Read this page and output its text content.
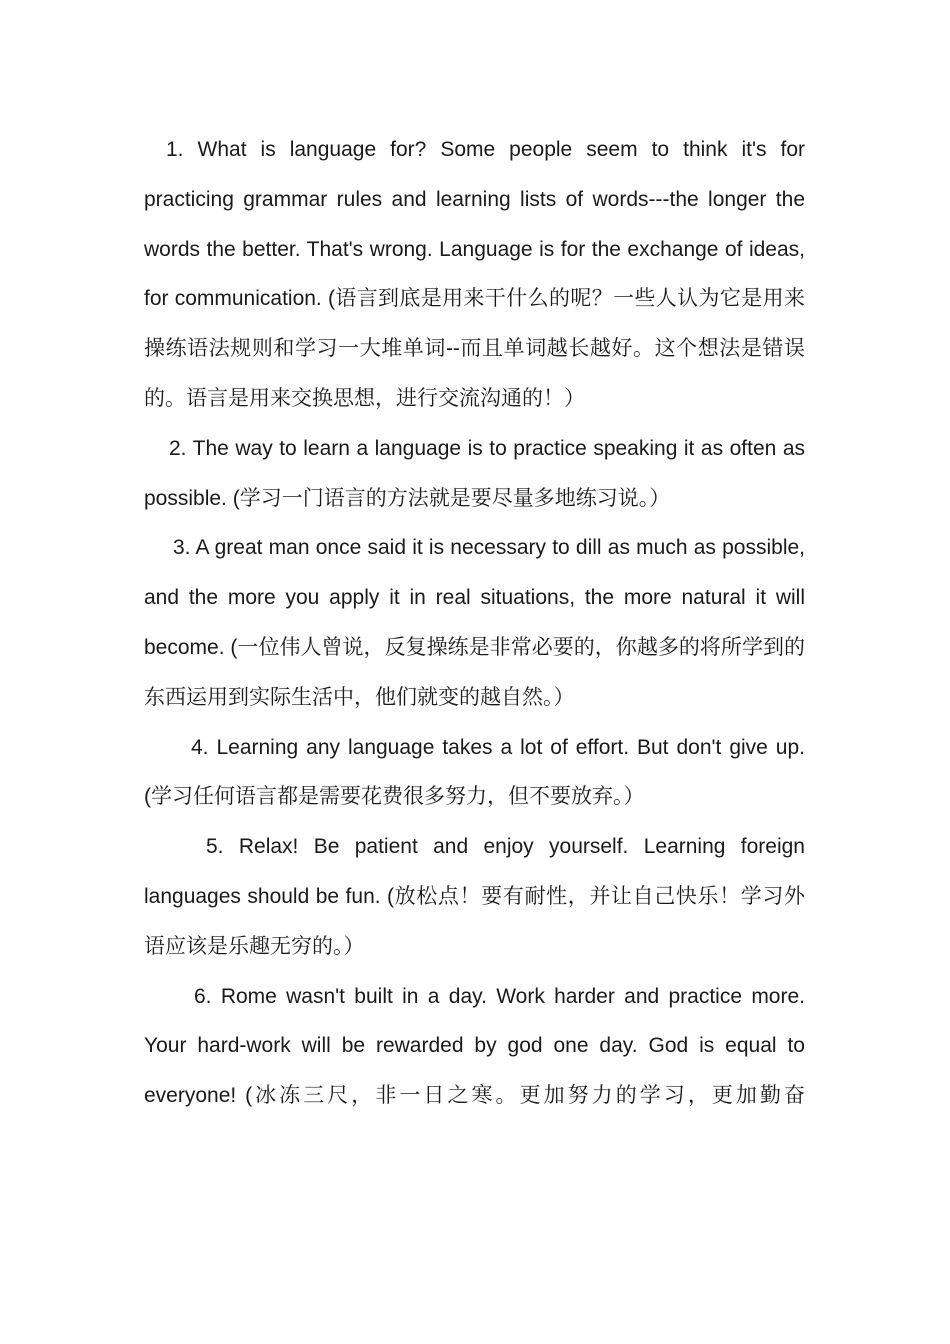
1. What is language for? Some people seem to think it's for practicing grammar rules and learning lists of words---the longer the words the better. That's wrong. Language is for the exchange of ideas, for communication. (语言到底是用来干什么的呢？一些人认为它是用来操练语法规则和学习一大堆单词--而且单词越长越好。这个想法是错误的。语言是用来交换思想，进行交流沟通的！）

2. The way to learn a language is to practice speaking it as often as possible. (学习一门语言的方法就是要尽量多地练习说。）

3. A great man once said it is necessary to dill as much as possible, and the more you apply it in real situations, the more natural it will become. (一位伟人曾说，反复操练是非常必要的，你越多的将所学到的东西运用到实际生活中，他们就变的越自然。）

4. Learning any language takes a lot of effort. But don't give up. (学习任何语言都是需要花费很多努力，但不要放弃。）

5. Relax! Be patient and enjoy yourself. Learning foreign languages should be fun. (放松点！要有耐性，并让自己快乐！学习外语应该是乐趣无穷的。）

6. Rome wasn't built in a day. Work harder and practice more. Your hard-work will be rewarded by god one day. God is equal to everyone! (冰冻三尺，非一日之寒。更加努力的学习，更加勤奋
